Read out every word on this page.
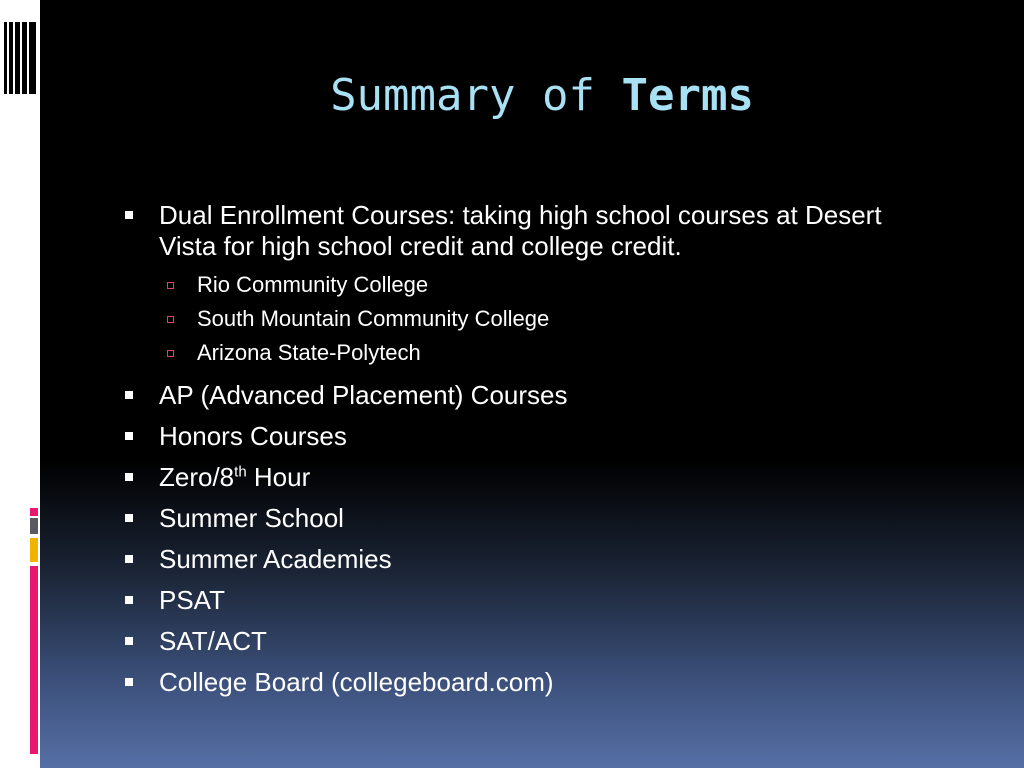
Summary of Terms
Dual Enrollment Courses: taking high school courses at Desert Vista for high school credit and college credit.
Rio Community College
South Mountain Community College
Arizona State-Polytech
AP (Advanced Placement) Courses
Honors Courses
Zero/8th Hour
Summer School
Summer Academies
PSAT
SAT/ACT
College Board (collegeboard.com)
